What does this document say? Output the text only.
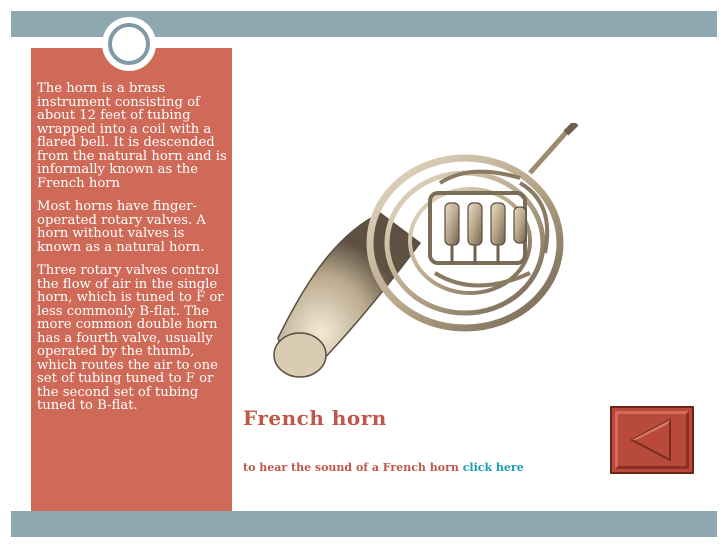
The horn is a brass instrument consisting of about 12 feet of tubing wrapped into a coil with a flared bell. It is descended from the natural horn and is informally known as the French horn

Most horns have finger-operated rotary valves. A horn without valves is known as a natural horn.

Three rotary valves control the flow of air in the single horn, which is tuned to F or less commonly B-flat. The more common double horn has a fourth valve, usually operated by the thumb, which routes the air to one set of tubing tuned to F or the second set of tubing tuned to B-flat.

French horn
to hear the sound of a French horn click here
